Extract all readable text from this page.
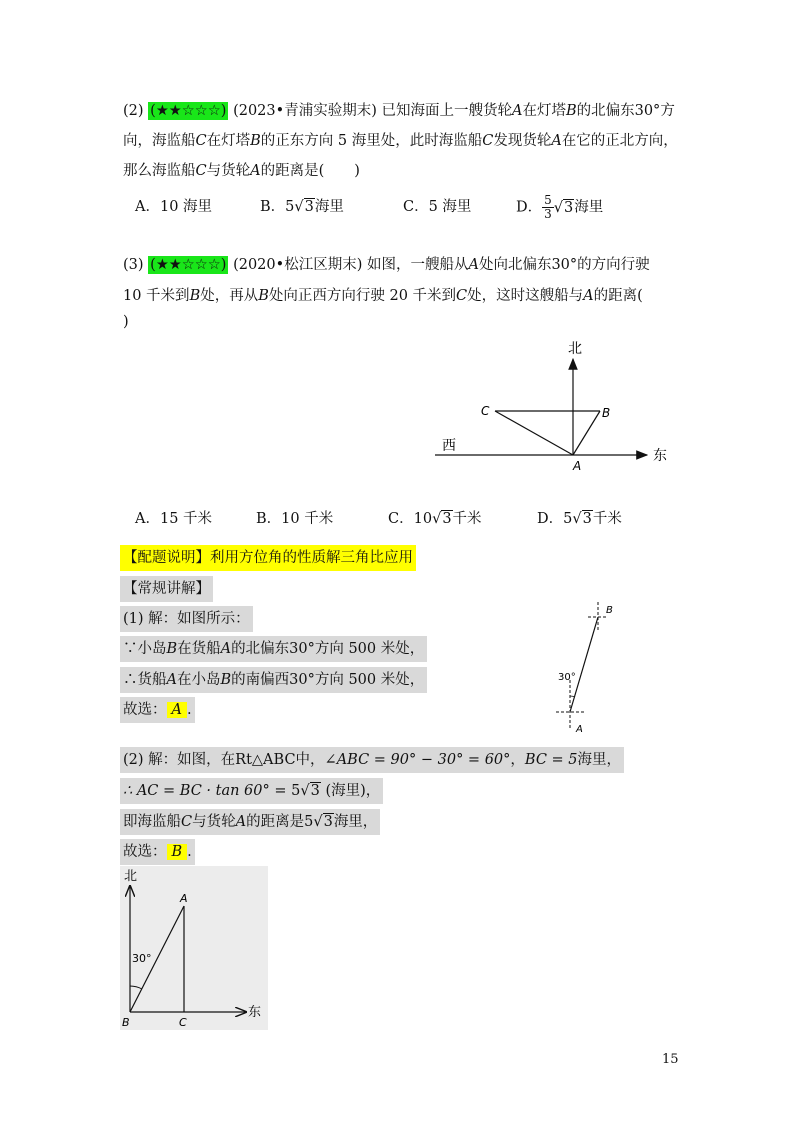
(2) (★★☆☆☆) (2023•青浦实验期末) 已知海面上一艘货轮A在灯塔B的北偏东30°方
向，海监船C在灯塔B的正东方向 5 海里处，此时海监船C发现货轮A在它的正北方向，
那么海监船C与货轮A的距离是( )
A．10 海里	B．5√3海里	C．5 海里	D． $\frac{5}{3} √3$海里
(3) (★★☆☆☆) (2020•松江区期末) 如图，一艘船从A处向北偏东30°的方向行驶
10 千米到B处，再从B处向正西方向行驶 20 千米到C处，这时这艘船与A的距离(
)
北
东
西
C	B
A
A．15 千米	B．10 千米	C．10√3千米	D．5√3千米
【配题说明】利用方位角的性质解三角比应用
【常规讲解】
(1) 解：如图所示：
∵小岛B在货船A的北偏东30°方向 500 米处，
∴货船A在小岛B的南偏西30°方向 500 米处，
故选： A .
B
A
30°
(2) 解：如图，在Rt△ABC中，∠ABC = 90° − 30° = 60°，BC = 5海里，
∴ AC = BC · tan 60° = 5√3 (海里)，
即海监船C与货轮A的距离是5√3海里，
故选： B .
北
东
A
B	C
30°
15
